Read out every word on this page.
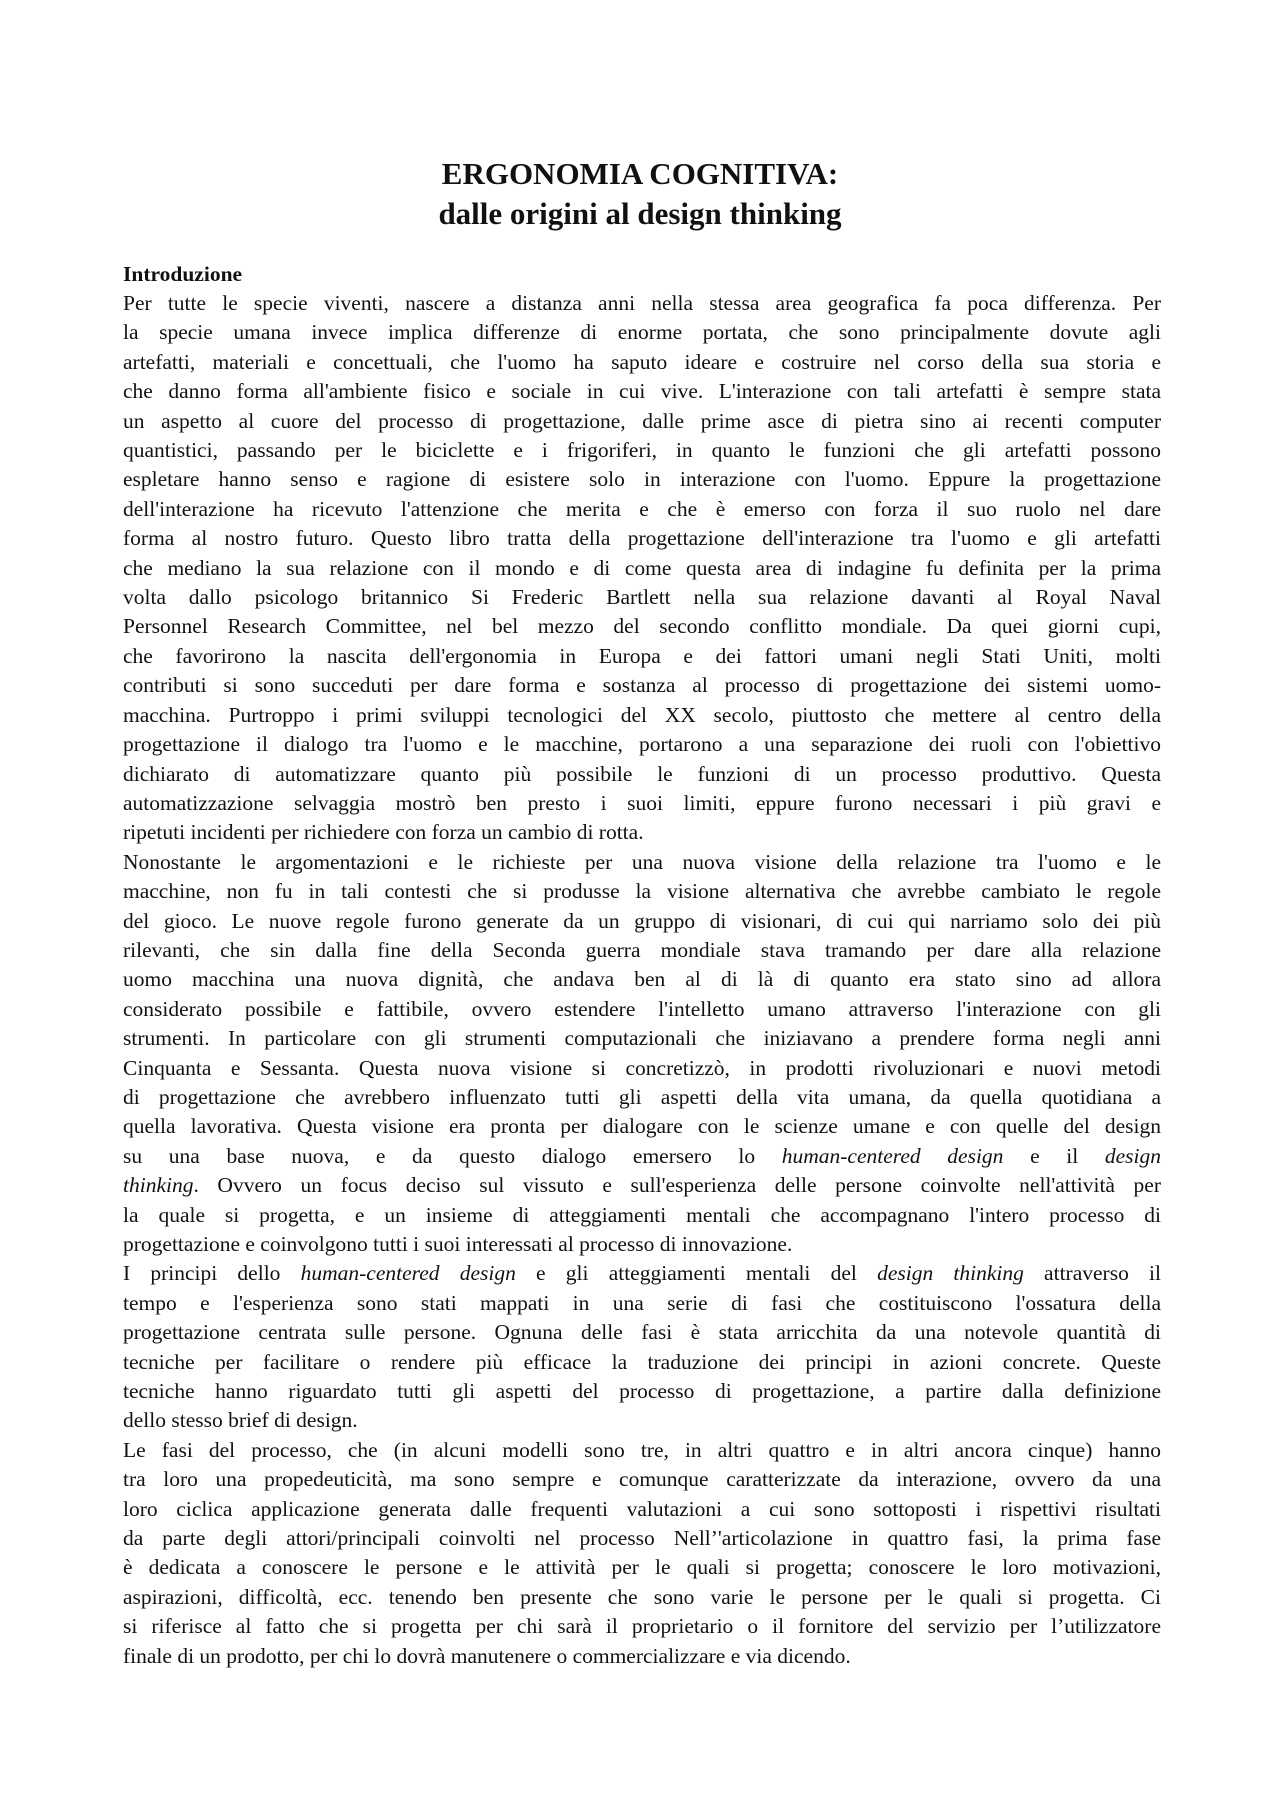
ERGONOMIA COGNITIVA:
dalle origini al design thinking
Introduzione
Per tutte le specie viventi, nascere a distanza anni nella stessa area geografica fa poca differenza. Per
la specie umana invece implica differenze di enorme portata, che sono principalmente dovute agli
artefatti, materiali e concettuali, che l'uomo ha saputo ideare e costruire nel corso della sua storia e
che danno forma all'ambiente fisico e sociale in cui vive. L'interazione con tali artefatti è sempre stata
un aspetto al cuore del processo di progettazione, dalle prime asce di pietra sino ai recenti computer
quantistici, passando per le biciclette e i frigoriferi, in quanto le funzioni che gli artefatti possono
espletare hanno senso e ragione di esistere solo in interazione con l'uomo. Eppure la progettazione
dell'interazione ha ricevuto l'attenzione che merita e che è emerso con forza il suo ruolo nel dare
forma al nostro futuro. Questo libro tratta della progettazione dell'interazione tra l'uomo e gli artefatti
che mediano la sua relazione con il mondo e di come questa area di indagine fu definita per la prima
volta dallo psicologo britannico Si Frederic Bartlett nella sua relazione davanti al Royal Naval
Personnel Research Committee, nel bel mezzo del secondo conflitto mondiale. Da quei giorni cupi,
che favorirono la nascita dell'ergonomia in Europa e dei fattori umani negli Stati Uniti, molti
contributi si sono succeduti per dare forma e sostanza al processo di progettazione dei sistemi uomo-
macchina. Purtroppo i primi sviluppi tecnologici del XX secolo, piuttosto che mettere al centro della
progettazione il dialogo tra l'uomo e le macchine, portarono a una separazione dei ruoli con l'obiettivo
dichiarato di automatizzare quanto più possibile le funzioni di un processo produttivo. Questa
automatizzazione selvaggia mostrò ben presto i suoi limiti, eppure furono necessari i più gravi e
ripetuti incidenti per richiedere con forza un cambio di rotta.
Nonostante le argomentazioni e le richieste per una nuova visione della relazione tra l'uomo e le
macchine, non fu in tali contesti che si produsse la visione alternativa che avrebbe cambiato le regole
del gioco. Le nuove regole furono generate da un gruppo di visionari, di cui qui narriamo solo dei più
rilevanti, che sin dalla fine della Seconda guerra mondiale stava tramando per dare alla relazione
uomo macchina una nuova dignità, che andava ben al di là di quanto era stato sino ad allora
considerato possibile e fattibile, ovvero estendere l'intelletto umano attraverso l'interazione con gli
strumenti. In particolare con gli strumenti computazionali che iniziavano a prendere forma negli anni
Cinquanta e Sessanta. Questa nuova visione si concretizzò, in prodotti rivoluzionari e nuovi metodi
di progettazione che avrebbero influenzato tutti gli aspetti della vita umana, da quella quotidiana a
quella lavorativa. Questa visione era pronta per dialogare con le scienze umane e con quelle del design
su una base nuova, e da questo dialogo emersero lo human-centered design e il design
thinking. Ovvero un focus deciso sul vissuto e sull'esperienza delle persone coinvolte nell'attività per
la quale si progetta, e un insieme di atteggiamenti mentali che accompagnano l'intero processo di
progettazione e coinvolgono tutti i suoi interessati al processo di innovazione.
I principi dello human-centered design e gli atteggiamenti mentali del design thinking attraverso il
tempo e l'esperienza sono stati mappati in una serie di fasi che costituiscono l'ossatura della
progettazione centrata sulle persone. Ognuna delle fasi è stata arricchita da una notevole quantità di
tecniche per facilitare o rendere più efficace la traduzione dei principi in azioni concrete. Queste
tecniche hanno riguardato tutti gli aspetti del processo di progettazione, a partire dalla definizione
dello stesso brief di design.
Le fasi del processo, che (in alcuni modelli sono tre, in altri quattro e in altri ancora cinque) hanno
tra loro una propedeuticità, ma sono sempre e comunque caratterizzate da interazione, ovvero da una
loro ciclica applicazione generata dalle frequenti valutazioni a cui sono sottoposti i rispettivi risultati
da parte degli attori/principali coinvolti nel processo Nell’'articolazione in quattro fasi, la prima fase
è dedicata a conoscere le persone e le attività per le quali si progetta; conoscere le loro motivazioni,
aspirazioni, difficoltà, ecc. tenendo ben presente che sono varie le persone per le quali si progetta. Ci
si riferisce al fatto che si progetta per chi sarà il proprietario o il fornitore del servizio per l’utilizzatore
finale di un prodotto, per chi lo dovrà manutenere o commercializzare e via dicendo.
